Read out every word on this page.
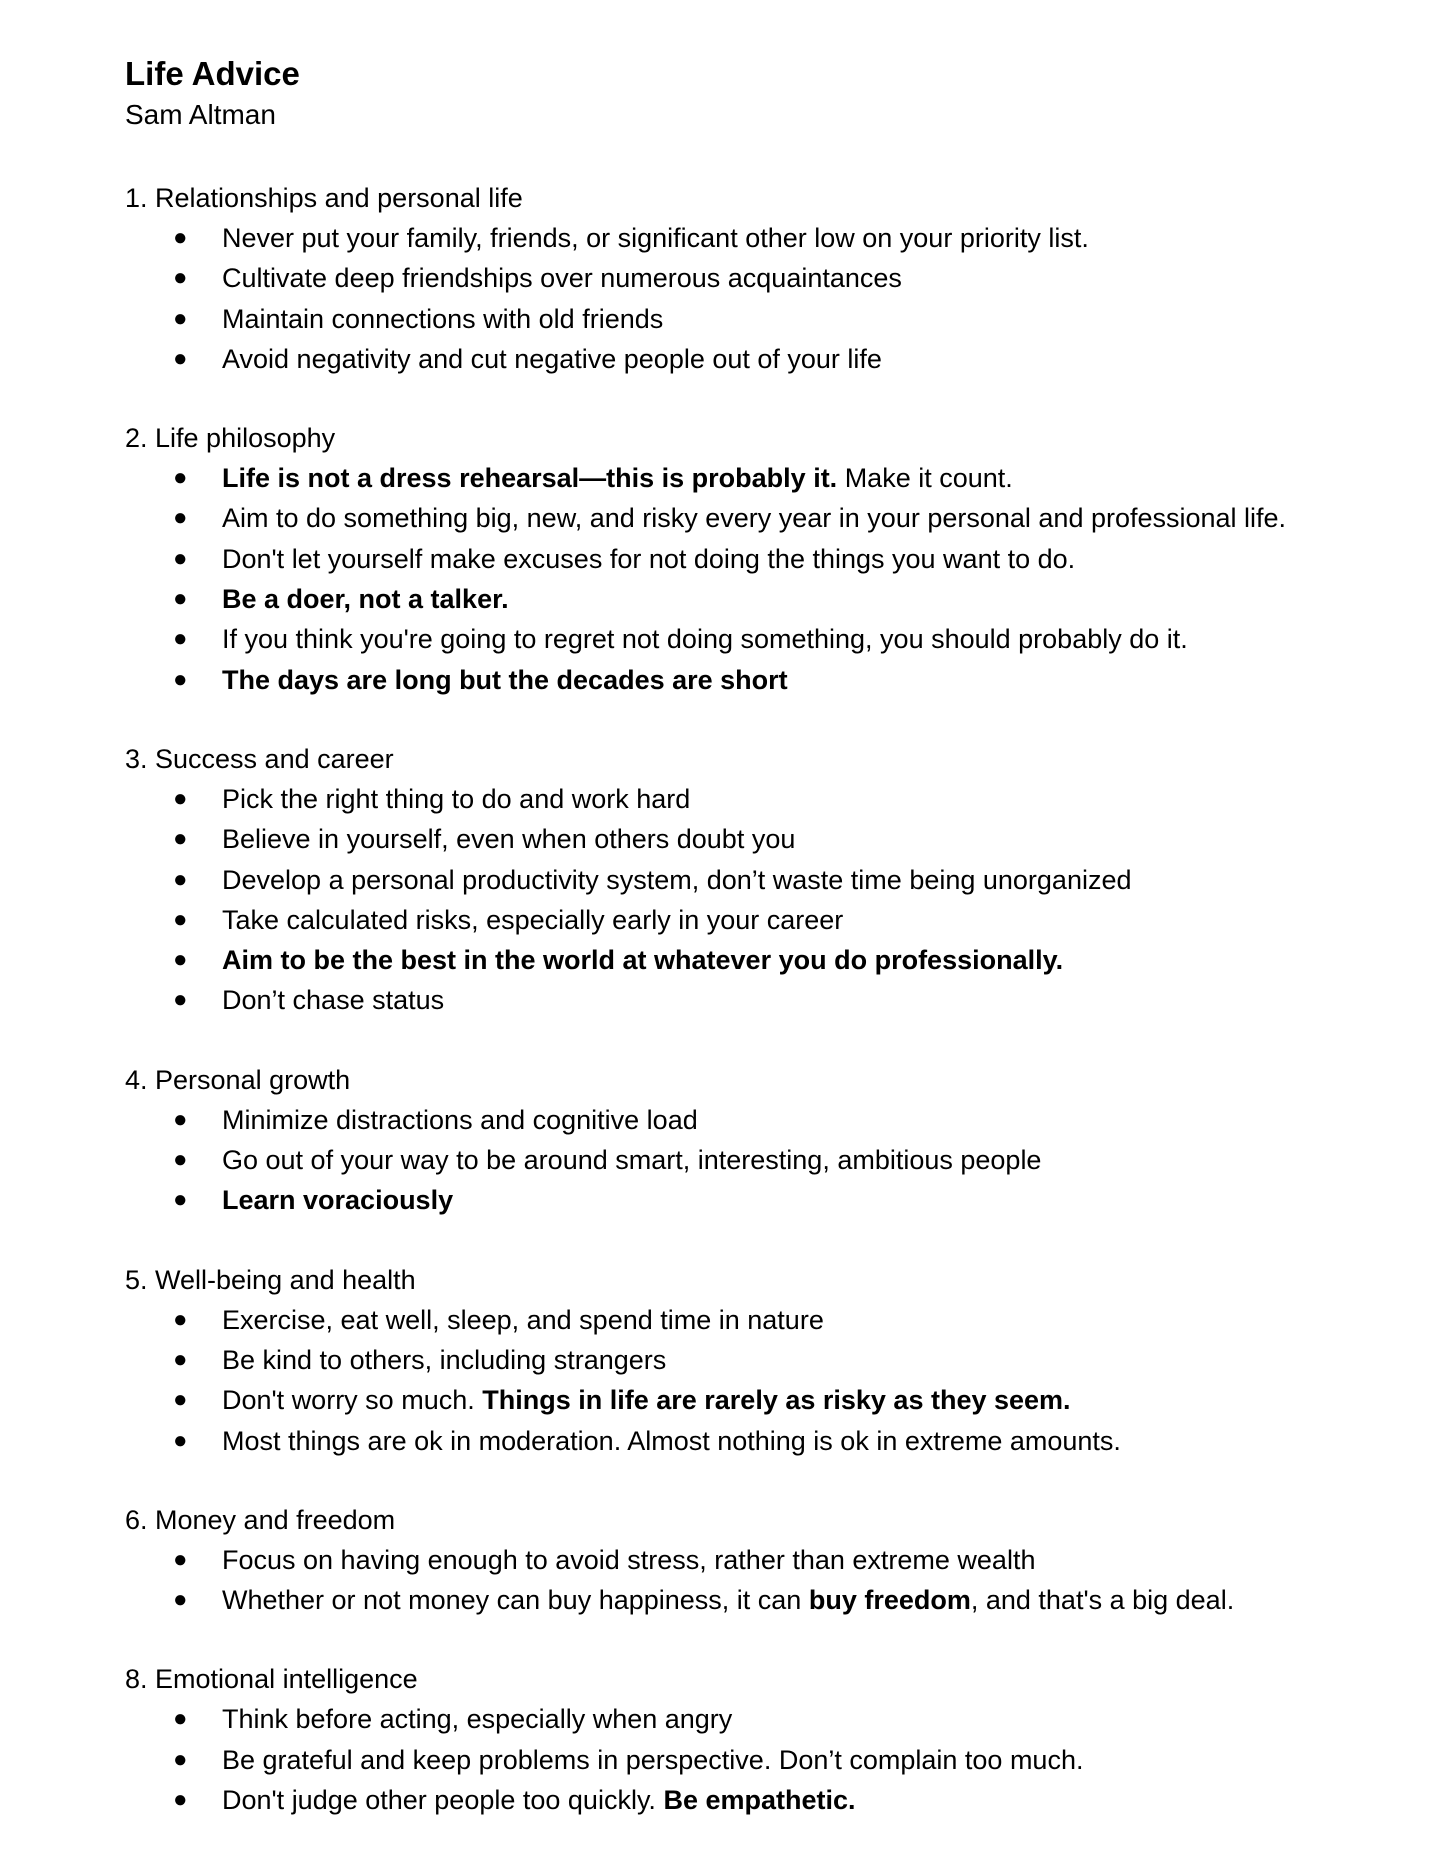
Life Advice

Sam Altman

1. Relationships and personal life
● Never put your family, friends, or significant other low on your priority list.
● Cultivate deep friendships over numerous acquaintances
● Maintain connections with old friends
● Avoid negativity and cut negative people out of your life
2. Life philosophy
● Life is not a dress rehearsal—this is probably it. Make it count.
● Aim to do something big, new, and risky every year in your personal and professional life.
● Don't let yourself make excuses for not doing the things you want to do.
● Be a doer, not a talker.
● If you think you're going to regret not doing something, you should probably do it.
● The days are long but the decades are short
3. Success and career
● Pick the right thing to do and work hard
● Believe in yourself, even when others doubt you
● Develop a personal productivity system, don’t waste time being unorganized
● Take calculated risks, especially early in your career
● Aim to be the best in the world at whatever you do professionally.
● Don’t chase status
4. Personal growth
● Minimize distractions and cognitive load
● Go out of your way to be around smart, interesting, ambitious people
● Learn voraciously
5. Well-being and health
● Exercise, eat well, sleep, and spend time in nature
● Be kind to others, including strangers
● Don't worry so much. Things in life are rarely as risky as they seem.
● Most things are ok in moderation. Almost nothing is ok in extreme amounts.
6. Money and freedom
● Focus on having enough to avoid stress, rather than extreme wealth
● Whether or not money can buy happiness, it can buy freedom, and that's a big deal.
8. Emotional intelligence
● Think before acting, especially when angry
● Be grateful and keep problems in perspective. Don’t complain too much.
● Don't judge other people too quickly. Be empathetic.
